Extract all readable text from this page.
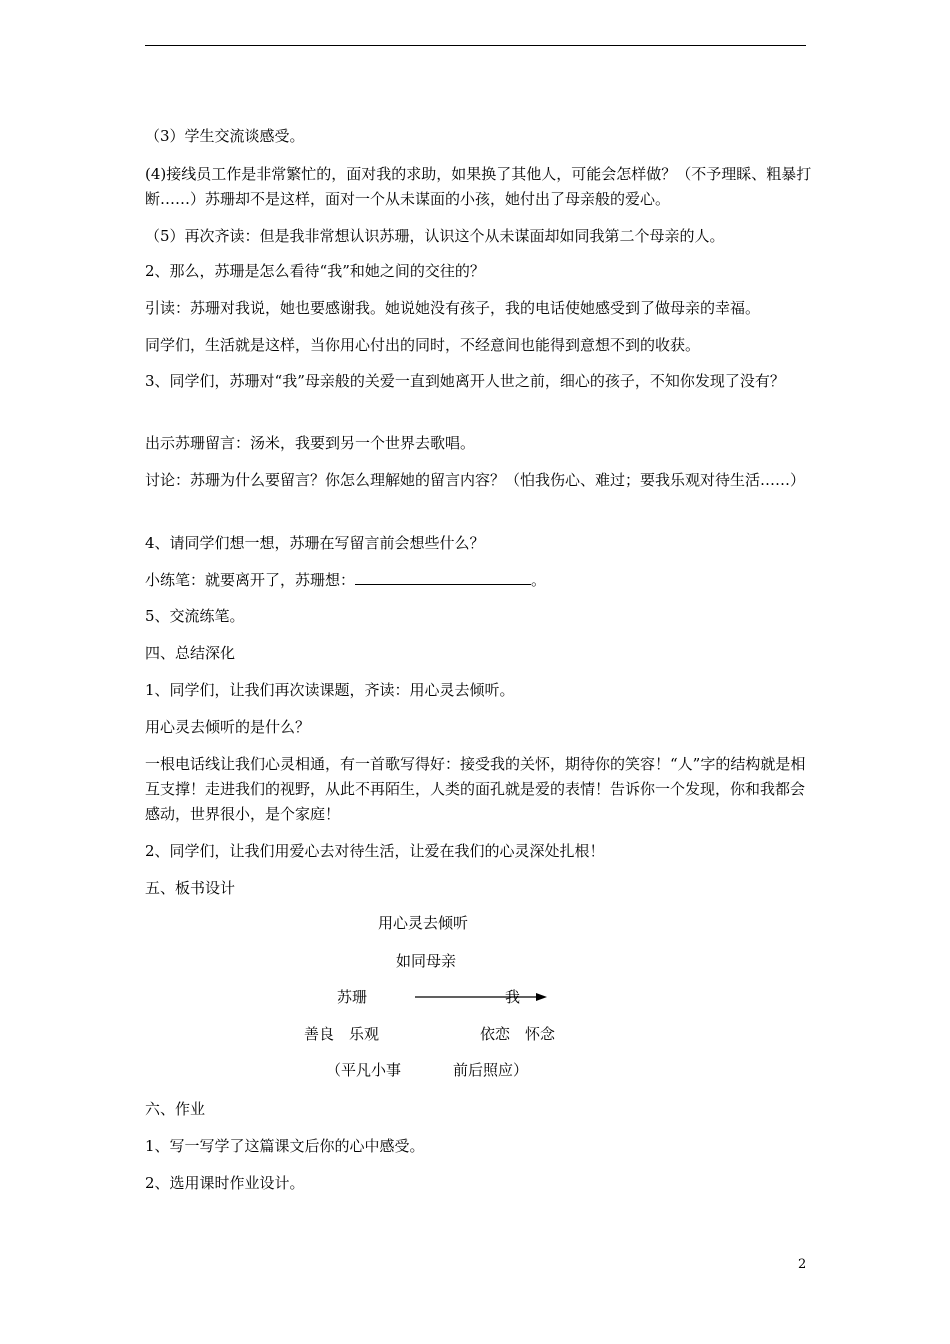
（3）学生交流谈感受。
(4)接线员工作是非常繁忙的，面对我的求助，如果换了其他人，可能会怎样做？（不予理睬、粗暴打断……）苏珊却不是这样，面对一个从未谋面的小孩，她付出了母亲般的爱心。
（5）再次齐读：但是我非常想认识苏珊，认识这个从未谋面却如同我第二个母亲的人。
2、那么，苏珊是怎么看待“我”和她之间的交往的？
引读：苏珊对我说，她也要感谢我。她说她没有孩子，我的电话使她感受到了做母亲的幸福。
同学们，生活就是这样，当你用心付出的同时，不经意间也能得到意想不到的收获。
3、同学们，苏珊对“我”母亲般的关爱一直到她离开人世之前，细心的孩子，不知你发现了没有？
出示苏珊留言：汤米，我要到另一个世界去歌唱。
讨论：苏珊为什么要留言？你怎么理解她的留言内容？（怕我伤心、难过；要我乐观对待生活……）
4、请同学们想一想，苏珊在写留言前会想些什么？
小练笔：就要离开了，苏珊想：	。
5、交流练笔。
四、总结深化
1、同学们，让我们再次读课题，齐读：用心灵去倾听。
用心灵去倾听的是什么？
一根电话线让我们心灵相通，有一首歌写得好：接受我的关怀，期待你的笑容！“人”字的结构就是相互支撑！走进我们的视野，从此不再陌生，人类的面孔就是爱的表情！告诉你一个发现，你和我都会感动，世界很小，是个家庭！
2、同学们，让我们用爱心去对待生活，让爱在我们的心灵深处扎根！
五、板书设计
用心灵去倾听
如同母亲
苏珊	我
善良　乐观	依恋　怀念
（平凡小事	前后照应）
六、作业
1、写一写学了这篇课文后你的心中感受。
2、选用课时作业设计。
2
